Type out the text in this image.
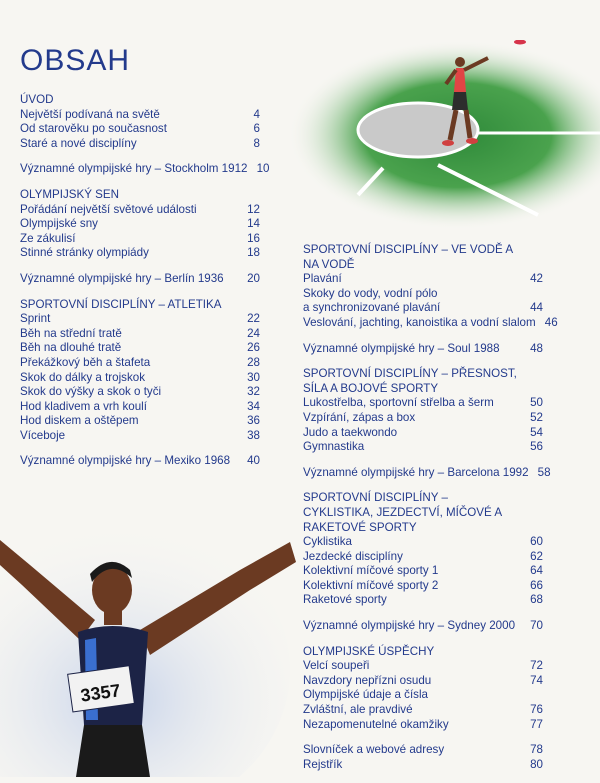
OBSAH
ÚVOD
Největší podívaná na světě	4
Od starověku po současnost	6
Staré a nové disciplíny	8
Významné olympijské hry – Stockholm 1912 10
OLYMPIJSKÝ SEN
Pořádání největší světové události	12
Olympijské sny	14
Ze zákulisí	16
Stinné stránky olympiády	18
Významné olympijské hry – Berlín 1936	20
SPORTOVNÍ DISCIPLÍNY – ATLETIKA
Sprint	22
Běh na střední tratě	24
Běh na dlouhé tratě	26
Překážkový běh a štafeta	28
Skok do dálky a trojskok	30
Skok do výšky a skok o tyči	32
Hod kladivem a vrh koulí	34
Hod diskem a oštěpem	36
Víceboje	38
Významné olympijské hry – Mexiko 1968	40
SPORTOVNÍ DISCIPLÍNY – VE VODĚ A NA VODĚ
Plavání	42
Skoky do vody, vodní pólo
a synchronizované plavání	44
Veslování, jachting, kanoistika a vodní slalom 46
Významné olympijské hry – Soul 1988	48
SPORTOVNÍ DISCIPLÍNY – PŘESNOST, SÍLA A BOJOVÉ SPORTY
Lukostřelba, sportovní střelba a šerm	50
Vzpírání, zápas a box	52
Judo a taekwondo	54
Gymnastika	56
Významné olympijské hry – Barcelona 1992 58
SPORTOVNÍ DISCIPLÍNY – CYKLISTIKA, JEZDECTVÍ, MÍČOVÉ A RAKETOVÉ SPORTY
Cyklistika	60
Jezdecké disciplíny	62
Kolektivní míčové sporty 1	64
Kolektivní míčové sporty 2	66
Raketové sporty	68
Významné olympijské hry – Sydney 2000	70
OLYMPIJSKÉ ÚSPĚCHY
Velcí soupeři	72
Navzdory nepřízni osudu	74
Olympijské údaje a čísla
Zvláštní, ale pravdivé	76
Nezapomenutelné okamžiky	77
Slovníček a webové adresy	78
Rejstřík	80
3357
